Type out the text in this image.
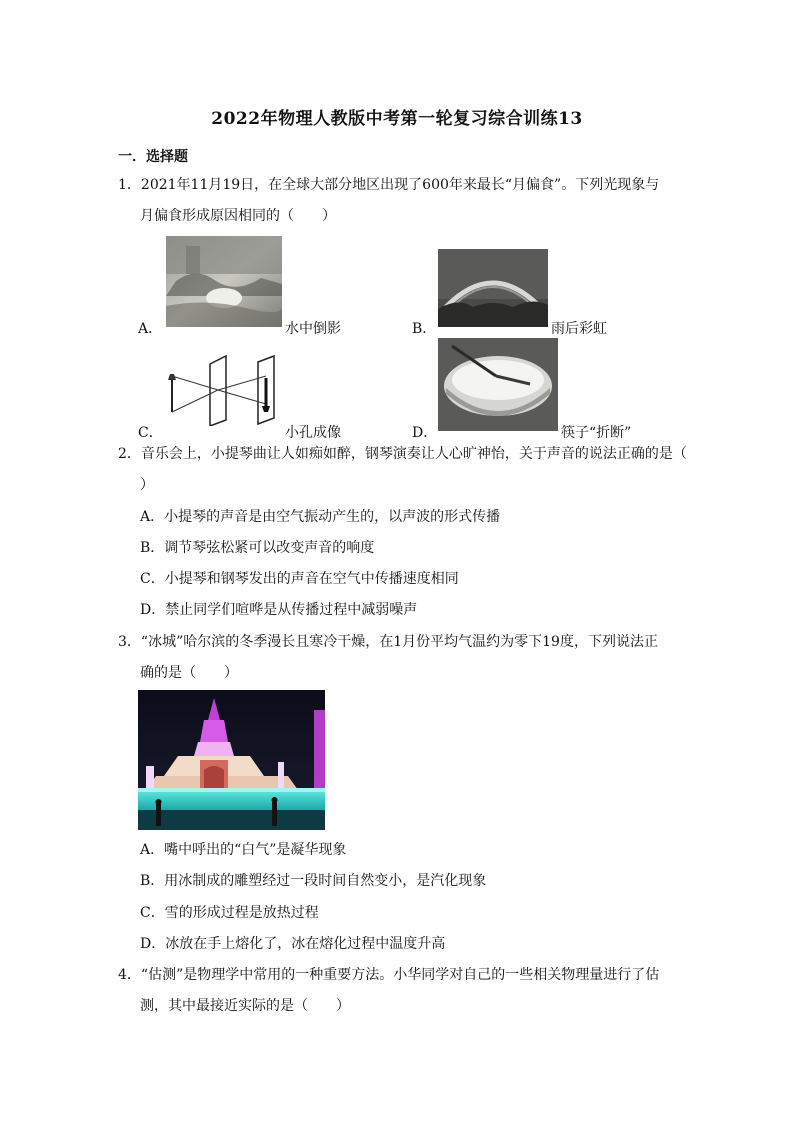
2022年物理人教版中考第一轮复习综合训练13
一．选择题
1．2021年11月19日，在全球大部分地区出现了600年来最长“月偏食”。下列光现象与
月偏食形成原因相同的（　　）
A．	水中倒影	B．	雨后彩虹
C．	小孔成像	D．	筷子“折断”
2．音乐会上，小提琴曲让人如痴如醉，钢琴演奏让人心旷神怡，关于声音的说法正确的是（
）
A．小提琴的声音是由空气振动产生的，以声波的形式传播
B．调节琴弦松紧可以改变声音的响度
C．小提琴和钢琴发出的声音在空气中传播速度相同
D．禁止同学们喧哗是从传播过程中减弱噪声
3．“冰城”哈尔滨的冬季漫长且寒冷干燥，在1月份平均气温约为零下19度，下列说法正
确的是（　　）
A．嘴中呼出的“白气”是凝华现象
B．用冰制成的雕塑经过一段时间自然变小，是汽化现象
C．雪的形成过程是放热过程
D．冰放在手上熔化了，冰在熔化过程中温度升高
4．“估测”是物理学中常用的一种重要方法。小华同学对自己的一些相关物理量进行了估
测，其中最接近实际的是（　　）
